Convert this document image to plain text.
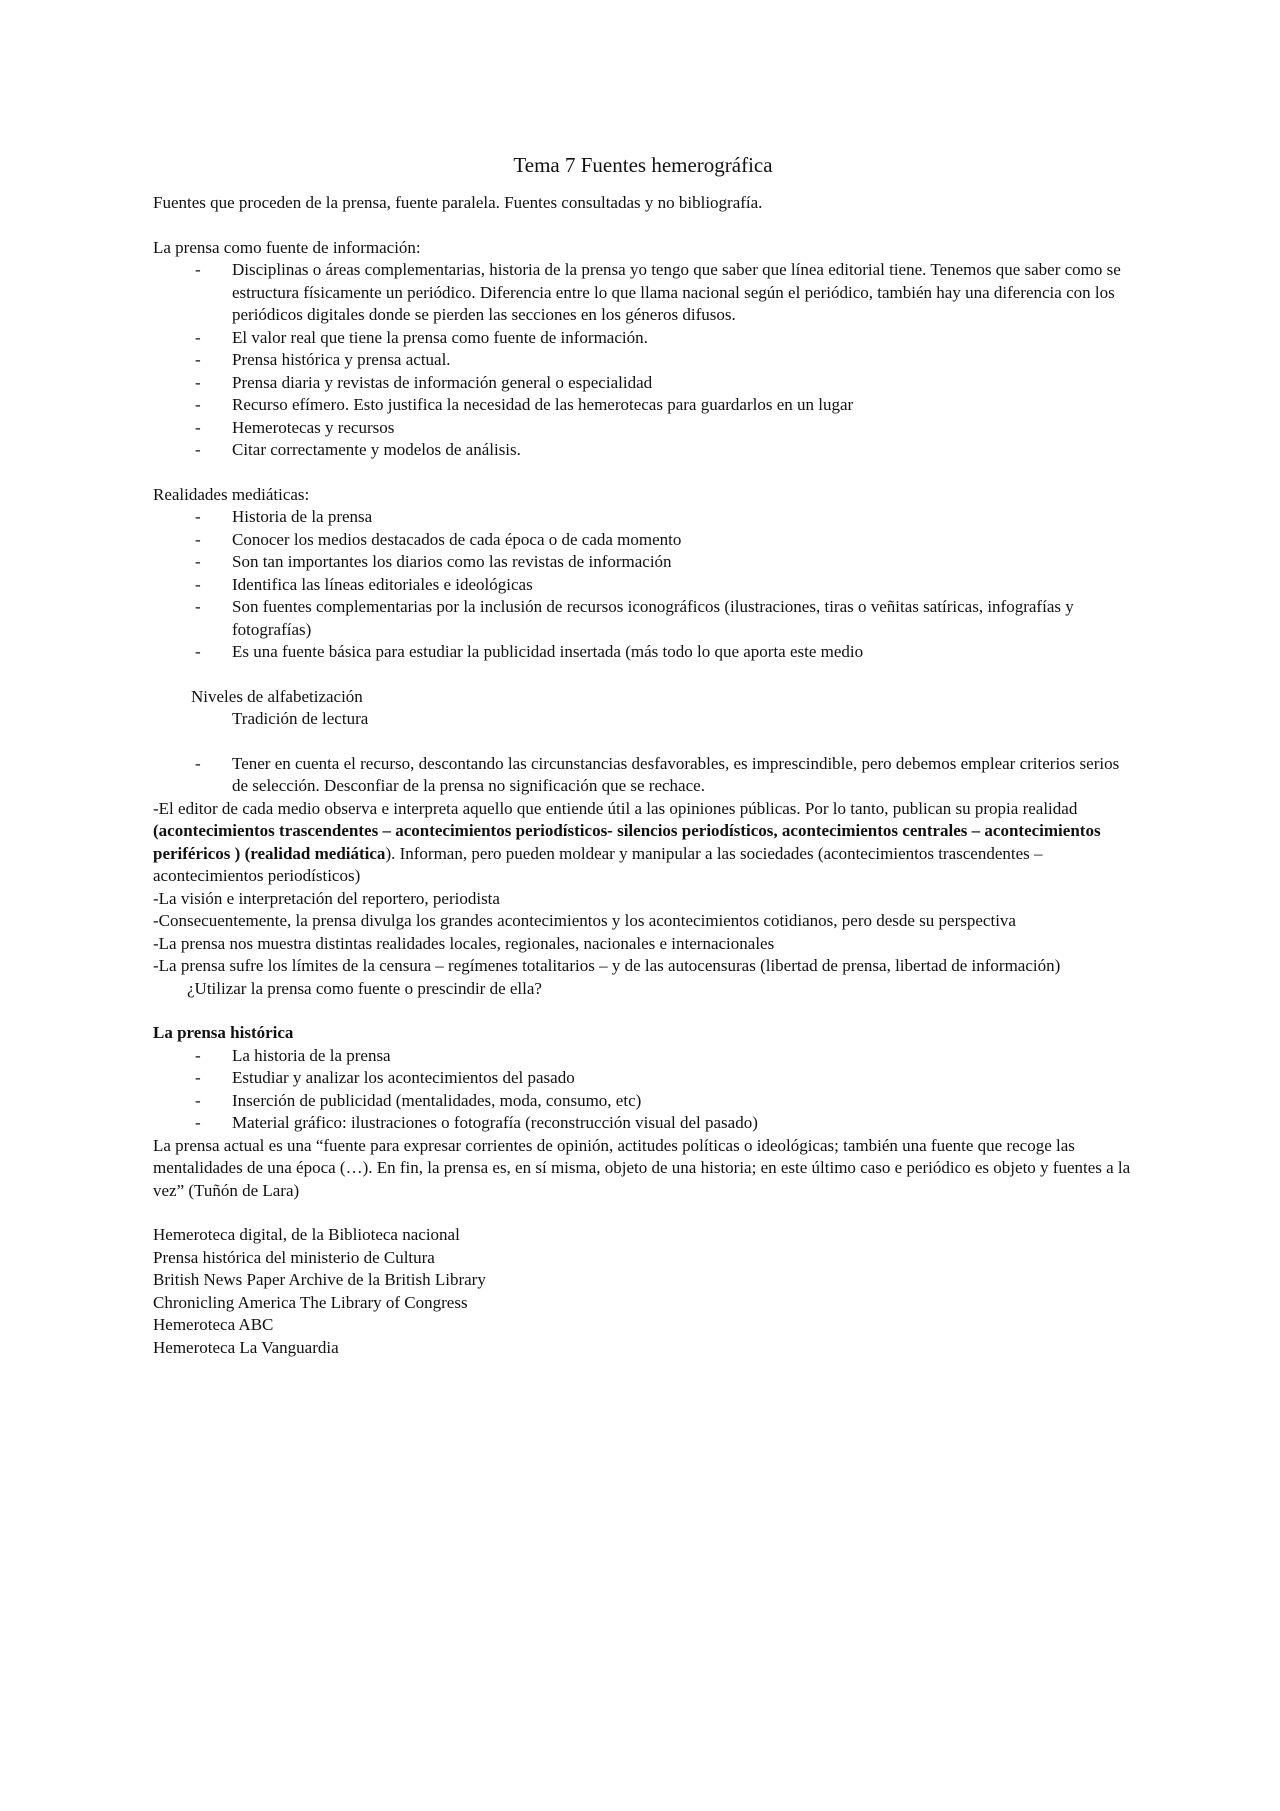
Tema 7 Fuentes hemerográfica

Fuentes que proceden de la prensa, fuente paralela. Fuentes consultadas y no bibliografía.

La prensa como fuente de información:

- Disciplinas o áreas complementarias, historia de la prensa yo tengo que saber que línea editorial tiene. Tenemos que saber como se estructura físicamente un periódico. Diferencia entre lo que llama nacional según el periódico, también hay una diferencia con los periódicos digitales donde se pierden las secciones en los géneros difusos.
- El valor real que tiene la prensa como fuente de información.
- Prensa histórica y prensa actual.
- Prensa diaria y revistas de información general o especialidad
- Recurso efímero. Esto justifica la necesidad de las hemerotecas para guardarlos en un lugar
- Hemerotecas y recursos
- Citar correctamente y modelos de análisis.

Realidades mediáticas:

- Historia de la prensa
- Conocer los medios destacados de cada época o de cada momento
- Son tan importantes los diarios como las revistas de información
- Identifica las líneas editoriales e ideológicas
- Son fuentes complementarias por la inclusión de recursos iconográficos (ilustraciones, tiras o veñitas satíricas, infografías y fotografías)
- Es una fuente básica para estudiar la publicidad insertada (más todo lo que aporta este medio

Niveles de alfabetización

Tradición de lectura

- Tener en cuenta el recurso, descontando las circunstancias desfavorables, es imprescindible, pero debemos emplear criterios serios de selección. Desconfiar de la prensa no significación que se rechace.

-El editor de cada medio observa e interpreta aquello que entiende útil a las opiniones públicas. Por lo tanto, publican su propia realidad (acontecimientos trascendentes – acontecimientos periodísticos- silencios periodísticos, acontecimientos centrales – acontecimientos periféricos ) (realidad mediática). Informan, pero pueden moldear y manipular a las sociedades (acontecimientos trascendentes – acontecimientos periodísticos)

-La visión e interpretación del reportero, periodista

-Consecuentemente, la prensa divulga los grandes acontecimientos y los acontecimientos cotidianos, pero desde su perspectiva

-La prensa nos muestra distintas realidades locales, regionales, nacionales e internacionales

-La prensa sufre los límites de la censura – regímenes totalitarios – y de las autocensuras (libertad de prensa, libertad de información)

¿Utilizar la prensa como fuente o prescindir de ella?

La prensa histórica

- La historia de la prensa
- Estudiar y analizar los acontecimientos del pasado
- Inserción de publicidad (mentalidades, moda, consumo, etc)
- Material gráfico: ilustraciones o fotografía (reconstrucción visual del pasado)

La prensa actual es una “fuente para expresar corrientes de opinión, actitudes políticas o ideológicas; también una fuente que recoge las mentalidades de una época (…). En fin, la prensa es, en sí misma, objeto de una historia; en este último caso e periódico es objeto y fuentes a la vez” (Tuñón de Lara)

Hemeroteca digital, de la Biblioteca nacional

Prensa histórica del ministerio de Cultura

British News Paper Archive de la British Library

Chronicling America The Library of Congress

Hemeroteca ABC

Hemeroteca La Vanguardia
